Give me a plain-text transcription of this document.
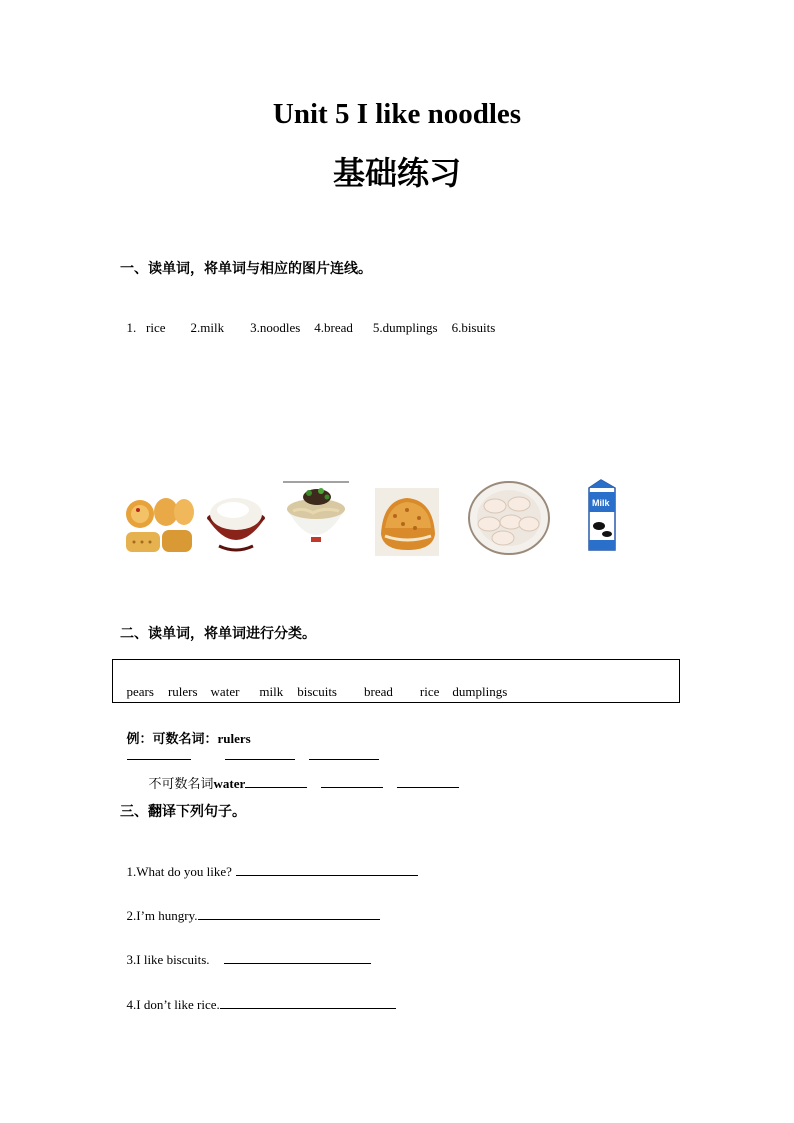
Unit 5 I like noodles
基础练习
一、读单词，将单词与相应的图片连线。

1.   rice 2.milk 3.noodles 4.bread 5.dumplings 6.bisuits

Milk
二、读单词，将单词进行分类。

pears rulers water milk biscuits bread rice dumplings

例：可数名词：rulers

不可数名词water

三、翻译下列句子。

1.What do you like?

2.I’m hungry.

3.I like biscuits.

4.I don’t like rice.
